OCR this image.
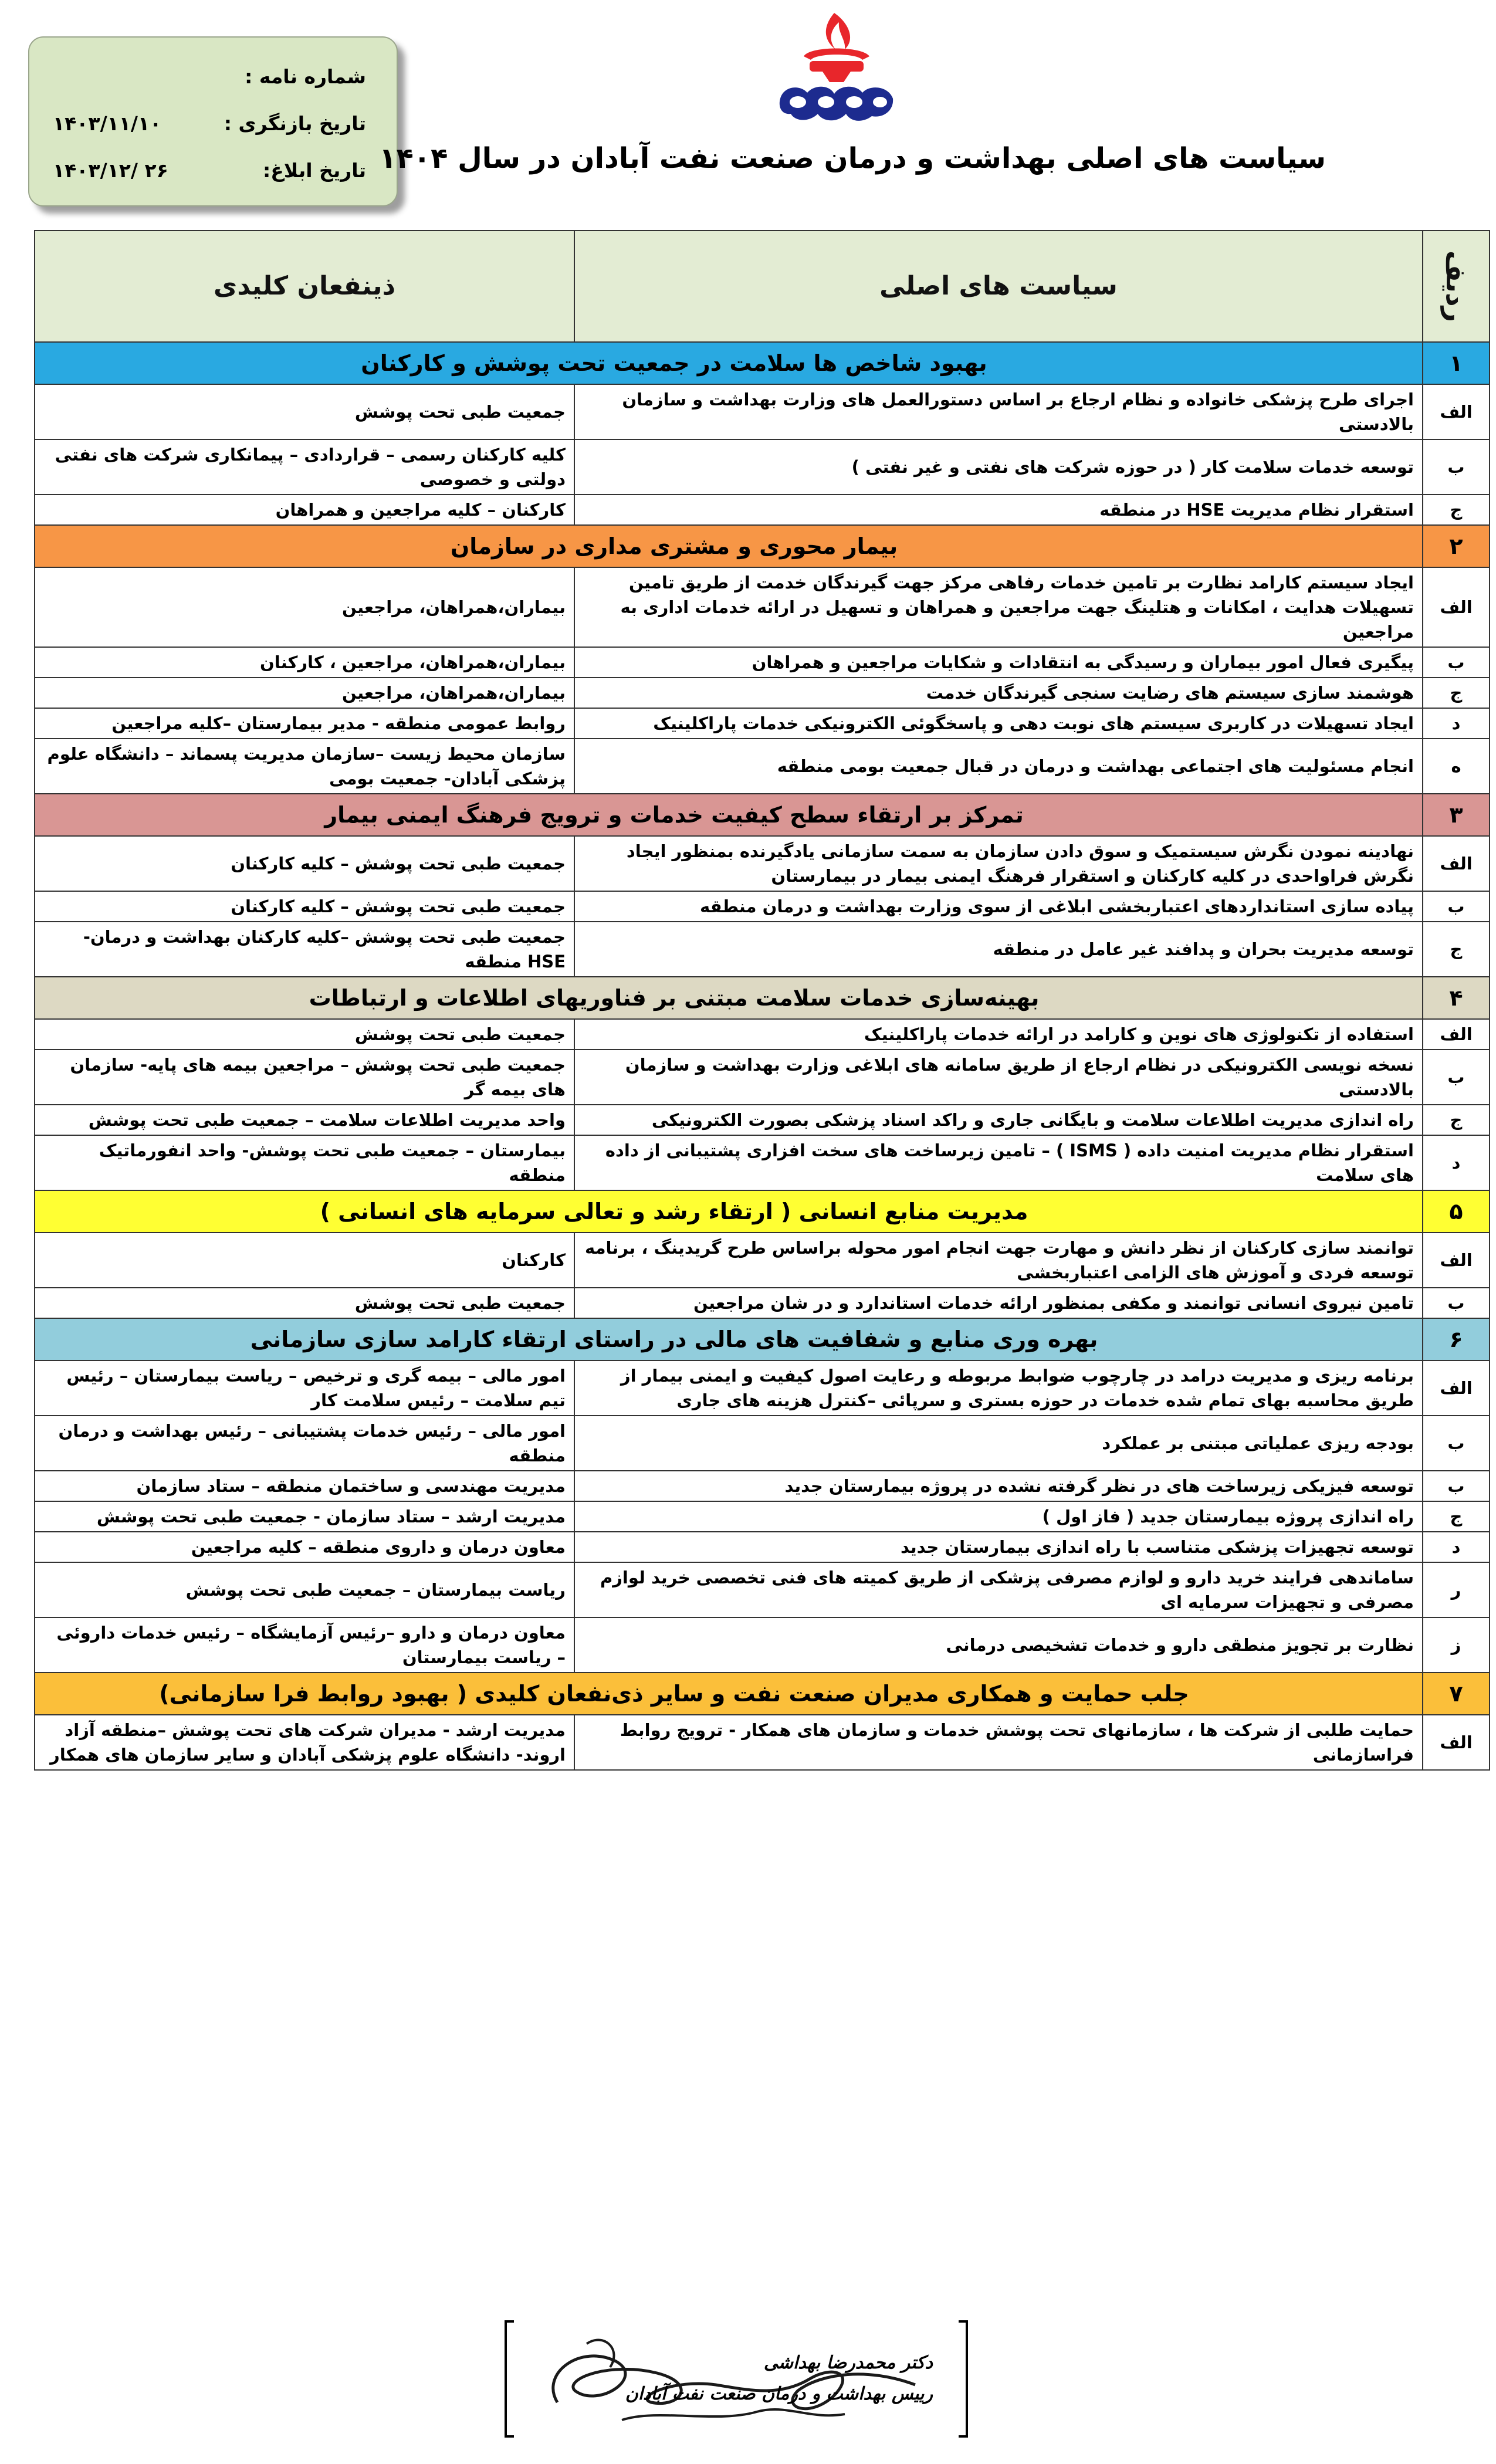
شماره نامه :
تاریخ بازنگری :
۱۴۰۳/۱۱/۱۰
تاریخ ابلاغ:
۱۴۰۳/۱۲/ ۲۶	سیاست های اصلی بهداشت و درمان صنعت نفت آبادان در سال ۱۴۰۴
ردیف	سیاست های اصلی	ذینفعان کلیدی
۱	بهبود شاخص ها سلامت در جمعیت تحت پوشش و کارکنان	
الف	اجرای طرح پزشکی خانواده و نظام ارجاع بر اساس دستورالعمل های وزارت بهداشت و سازمان بالادستی	جمعیت طبی تحت پوشش
ب	توسعه خدمات سلامت کار ( در حوزه شرکت های نفتی و غیر نفتی )	کلیه کارکنان رسمی – قراردادی – پیمانکاری شرکت های نفتی دولتی و خصوصی
ج	استقرار نظام مدیریت HSE در منطقه	کارکنان – کلیه مراجعین و همراهان
۲	بیمار محوری و مشتری مداری در سازمان	
الف	ایجاد سیستم کارامد نظارت بر تامین خدمات رفاهی مرکز جهت گیرندگان خدمت از طریق تامین تسهیلات هدایت ، امکانات و هتلینگ جهت مراجعین و همراهان و تسهیل در ارائه خدمات اداری به مراجعین	بیماران،همراهان، مراجعین
ب	پیگیری فعال امور بیماران و رسیدگی به انتقادات و شکایات مراجعین و همراهان	بیماران،همراهان، مراجعین ، کارکنان
ج	هوشمند سازی سیستم های رضایت سنجی گیرندگان خدمت	بیماران،همراهان، مراجعین
د	ایجاد تسهیلات در کاربری سیستم های نوبت دهی و پاسخگوئی الکترونیکی خدمات پاراکلینیک	روابط عمومی منطقه - مدیر بیمارستان –کلیه مراجعین
ه	انجام مسئولیت های اجتماعی بهداشت و درمان در قبال جمعیت بومی منطقه	سازمان محیط زیست –سازمان مدیریت پسماند – دانشگاه علوم پزشکی آبادان- جمعیت بومی
۳	تمرکز بر ارتقاء سطح کیفیت خدمات و ترویج فرهنگ ایمنی بیمار	
الف	نهادینه نمودن نگرش سیستمیک و سوق دادن سازمان به سمت سازمانی یادگیرنده بمنظور ایجاد نگرش فراواحدی در کلیه کارکنان و استقرار فرهنگ ایمنی بیمار در بیمارستان	جمعیت طبی تحت پوشش – کلیه کارکنان
ب	پیاده سازی استانداردهای اعتباربخشی ابلاغی از سوی وزارت بهداشت و درمان منطقه	جمعیت طبی تحت پوشش – کلیه کارکنان
ج	توسعه مدیریت بحران و پدافند غیر عامل در منطقه	جمعیت طبی تحت پوشش –کلیه کارکنان بهداشت و درمان- HSE منطقه
۴	بهینه‌سازی خدمات سلامت مبتنی بر فناوریهای اطلاعات و ارتباطات	
الف	استفاده از تکنولوژی های نوین و کارامد در ارائه خدمات پاراکلینیک	جمعیت طبی تحت پوشش
ب	نسخه نویسی الکترونیکی در نظام ارجاع از طریق سامانه های ابلاغی وزارت بهداشت و سازمان بالادستی	جمعیت طبی تحت پوشش – مراجعین بیمه های پایه- سازمان های بیمه گر
ج	راه اندازی مدیریت اطلاعات سلامت و بایگانی جاری و راکد اسناد پزشکی بصورت الکترونیکی	واحد مدیریت اطلاعات سلامت – جمعیت طبی تحت پوشش
د	استقرار نظام مدیریت امنیت داده ( ISMS ) – تامین زیرساخت های سخت افزاری پشتیبانی از داده های سلامت	بیمارستان – جمعیت طبی تحت پوشش- واحد انفورماتیک منطقه
۵	مدیریت منابع انسانی ( ارتقاء رشد و تعالی سرمایه های انسانی )	
الف	توانمند سازی کارکنان از نظر دانش و مهارت جهت انجام امور محوله براساس طرح گریدینگ ، برنامه توسعه فردی و آموزش های الزامی اعتباربخشی	کارکنان
ب	تامین نیروی انسانی توانمند و مکفی بمنظور ارائه خدمات استاندارد و در شان مراجعین	جمعیت طبی تحت پوشش
۶	بهره وری منابع و شفافیت های مالی در راستای ارتقاء کارامد سازی سازمانی	
الف	برنامه ریزی و مدیریت درامد در چارچوب ضوابط مربوطه و رعایت اصول کیفیت و ایمنی بیمار از طریق محاسبه بهای تمام شده خدمات در حوزه بستری و سرپائی –کنترل هزینه های جاری	امور مالی – بیمه گری و ترخیص – ریاست بیمارستان – رئیس تیم سلامت – رئیس سلامت کار
ب	بودجه ریزی عملیاتی مبتنی بر عملکرد	امور مالی – رئیس خدمات پشتیبانی – رئیس بهداشت و درمان منطقه
ب	توسعه فیزیکی زیرساخت های در نظر گرفته نشده در پروژه بیمارستان جدید	مدیریت مهندسی و ساختمان منطقه – ستاد سازمان
ج	راه اندازی پروژه بیمارستان جدید ( فاز اول )	مدیریت ارشد – ستاد سازمان - جمعیت طبی تحت پوشش
د	توسعه تجهیزات پزشکی متناسب با راه اندازی بیمارستان جدید	معاون درمان و داروی منطقه – کلیه مراجعین
ر	ساماندهی فرایند خرید دارو و لوازم مصرفی پزشکی از طریق کمیته های فنی تخصصی خرید لوازم مصرفی و تجهیزات سرمایه ای	ریاست بیمارستان – جمعیت طبی تحت پوشش
ز	نظارت بر تجویز منطقی دارو و خدمات تشخیصی درمانی	معاون درمان و دارو –رئیس آزمایشگاه – رئیس خدمات داروئی – ریاست بیمارستان
۷	جلب حمایت و همکاری مدیران صنعت نفت و سایر ذی‌نفعان کلیدی ( بهبود روابط فرا سازمانی)	
الف	حمایت طلبی از شرکت ها ، سازمانهای تحت پوشش خدمات و سازمان های همکار - ترویج روابط فراسازمانی	مدیریت ارشد - مدیران شرکت های تحت پوشش –منطقه آزاد اروند- دانشگاه علوم پزشکی آبادان و سایر سازمان های همکار
دکتر محمدرضا بهداشی
رییس بهداشت و درمان صنعت نفت آبادان
